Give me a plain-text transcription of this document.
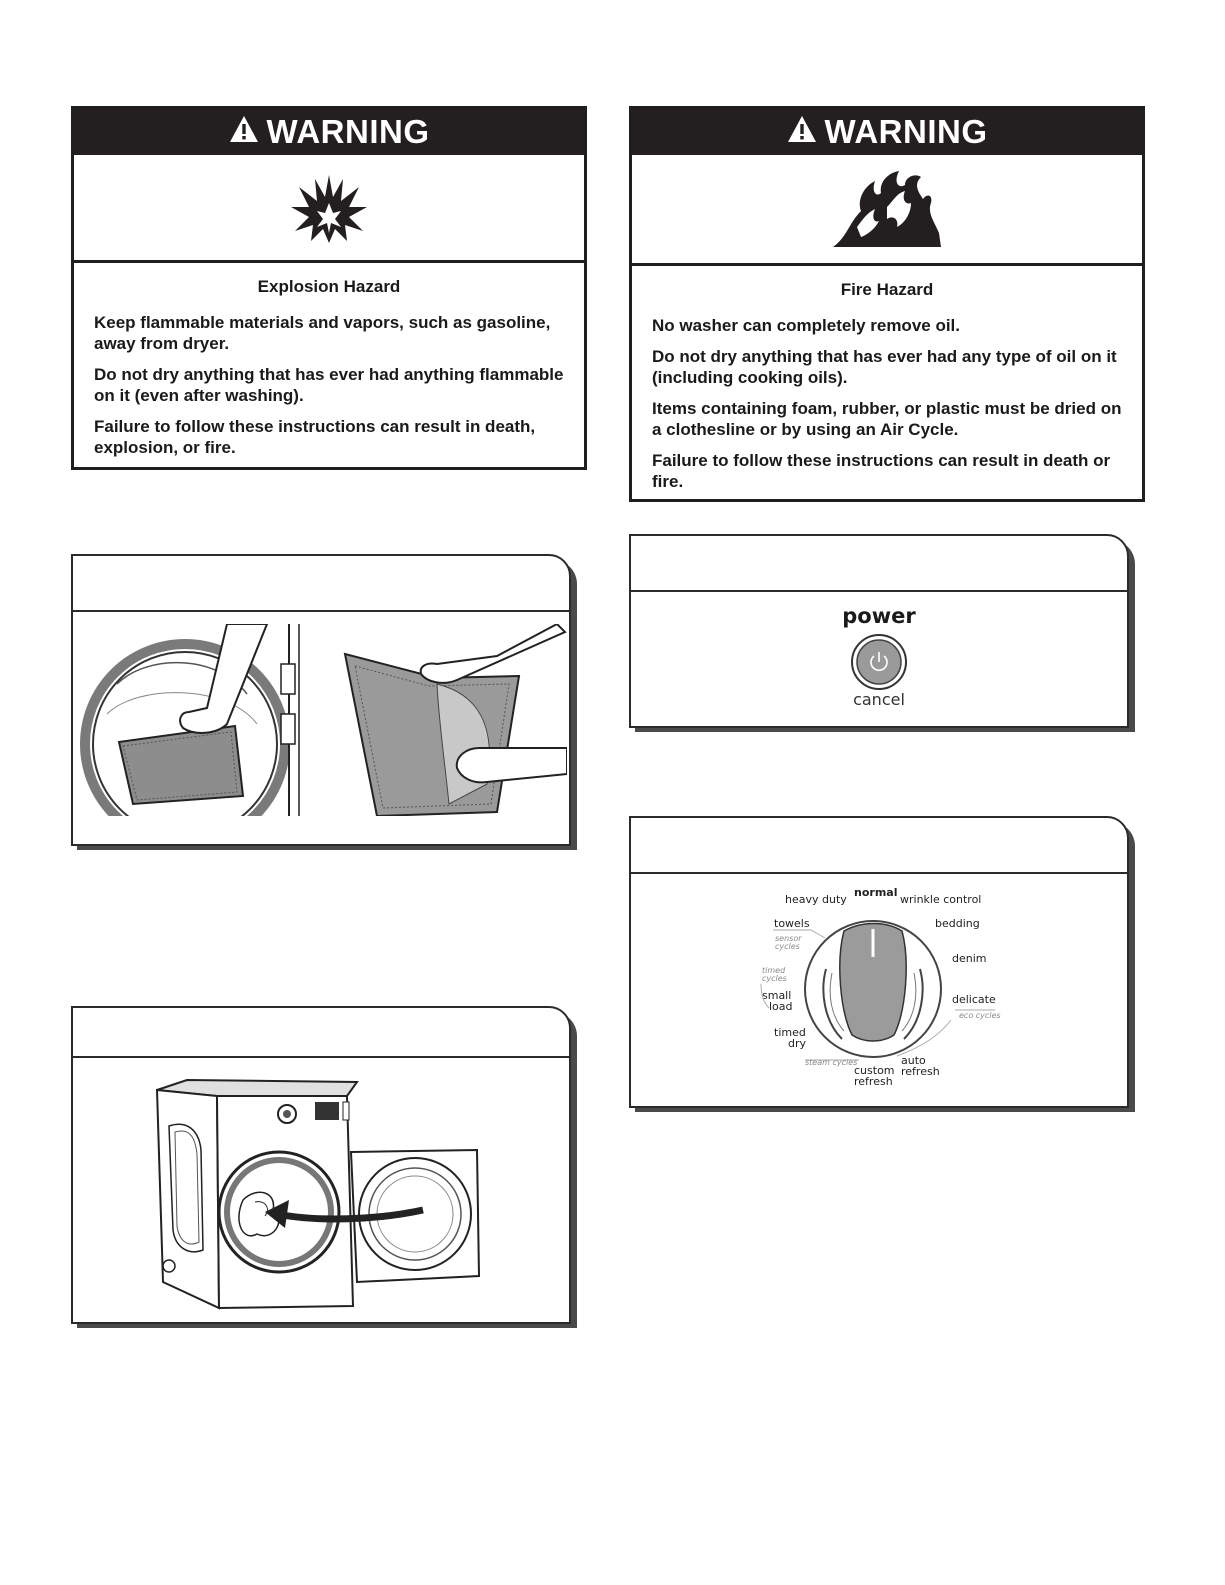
WARNING
Explosion Hazard

Keep flammable materials and vapors, such as gasoline, away from dryer.

Do not dry anything that has ever had anything flammable on it (even after washing).

Failure to follow these instructions can result in death, explosion, or fire.

WARNING
Fire Hazard

No washer can completely remove oil.

Do not dry anything that has ever had any type of oil on it (including cooking oils).

Items containing foam, rubber, or plastic must be dried on a clothesline or by using an Air Cycle.

Failure to follow these instructions can result in death or fire.

power
cancel
normal
heavy duty	wrinkle control
towels	bedding
sensor
cycles
denim
timed
cycles
small
load
delicate
eco cycles
timed
dry
steam cycles	auto
refresh
custom
refresh
